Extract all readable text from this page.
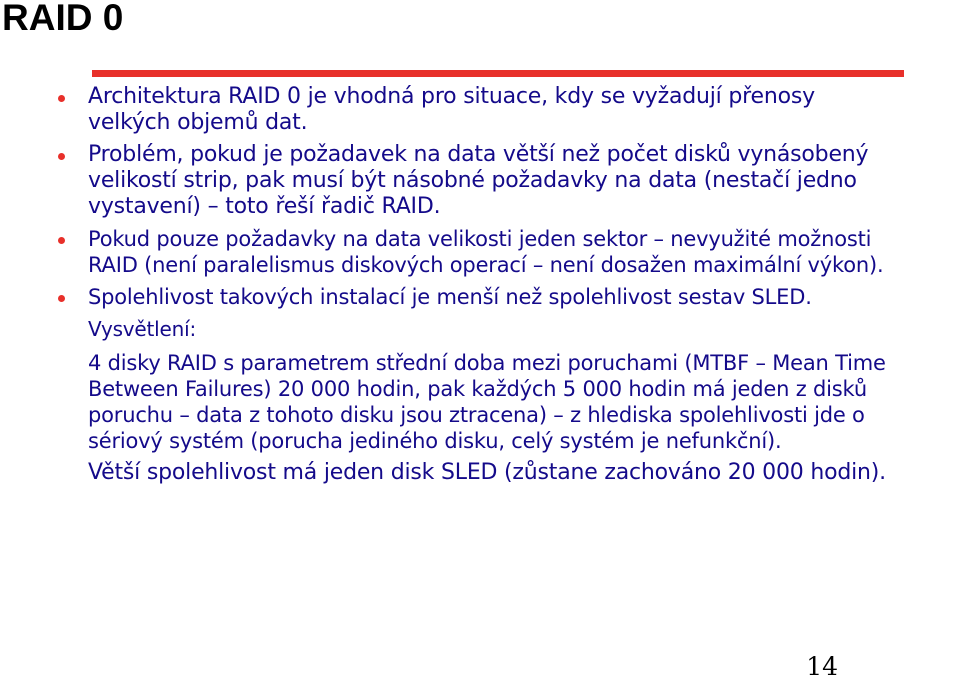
RAID 0
Architektura RAID 0 je vhodná pro situace, kdy se vyžadují přenosy velkých objemů dat.
Problém, pokud je požadavek na data větší než počet disků vynásobený velikostí strip, pak musí být násobné požadavky na data (nestačí jedno vystavení) – toto řeší řadič RAID.
Pokud pouze požadavky na data velikosti jeden sektor – nevyužité možnosti RAID (není paralelismus diskových operací – není dosažen maximální výkon).
Spolehlivost takových instalací je menší než spolehlivost sestav SLED.

Vysvětlení:

4 disky RAID s parametrem střední doba mezi poruchami (MTBF – Mean Time Between Failures) 20 000 hodin, pak každých 5 000 hodin má jeden z disků poruchu – data z tohoto disku jsou ztracena) – z hlediska spolehlivosti jde o sériový systém (porucha jediného disku, celý systém je nefunkční).

Větší spolehlivost má jeden disk SLED (zůstane zachováno 20 000 hodin).

14
